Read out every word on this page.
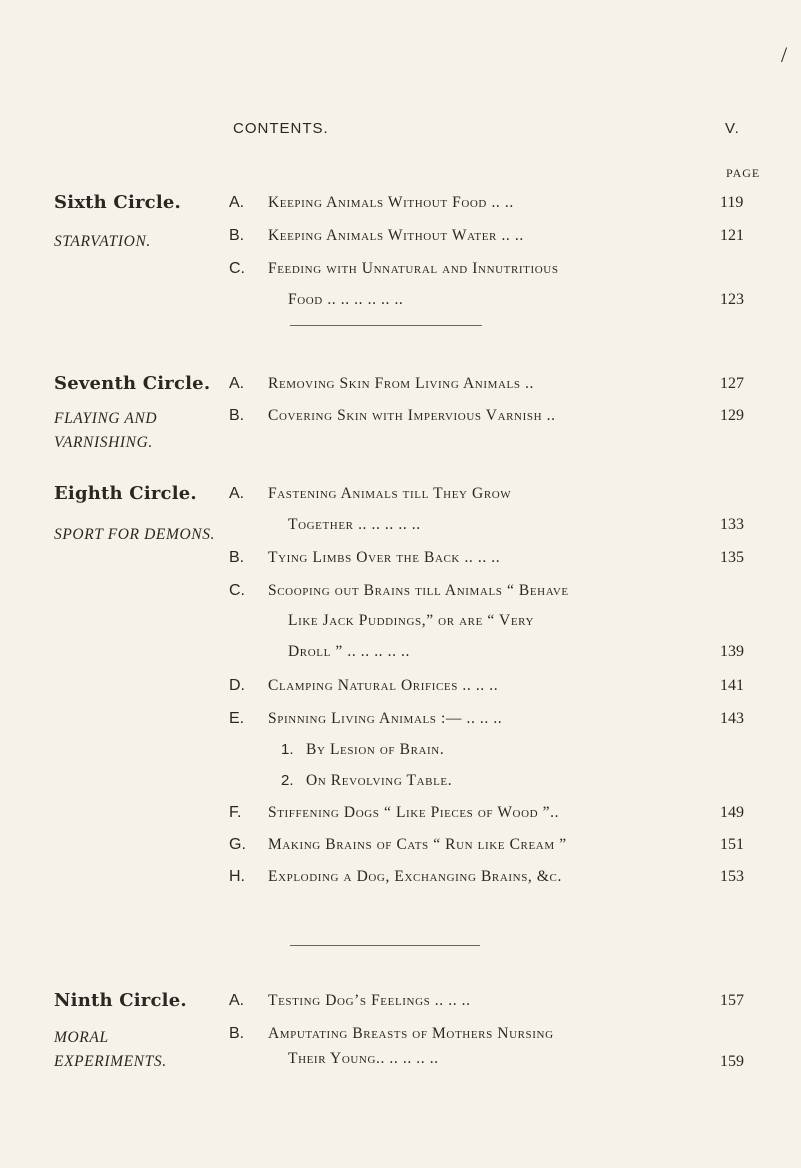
/
CONTENTS.	V.
PAGE
Sixth Circle.
STARVATION.
A. Keeping Animals Without Food .. ..	119
B. Keeping Animals Without Water .. ..	121
C. Feeding with Unnatural and Innutritious
Food .. .. .. .. .. ..	123
Seventh Circle.
FLAYING AND VARNISHING.
A. Removing Skin From Living Animals ..	127
B. Covering Skin with Impervious Varnish ..	129
Eighth Circle.
SPORT FOR DEMONS.
A. Fastening Animals till They Grow
Together .. .. .. .. ..	133
B. Tying Limbs Over the Back .. .. ..	135
C. Scooping out Brains till Animals “ Behave
Like Jack Puddings,” or are “ Very
Droll ” .. .. .. .. ..	139
D. Clamping Natural Orifices .. .. ..	141
E. Spinning Living Animals :— .. .. ..	143
1. By Lesion of Brain.
2. On Revolving Table.
F. Stiffening Dogs “ Like Pieces of Wood ”..	149
G. Making Brains of Cats “ Run like Cream ”	151
H. Exploding a Dog, Exchanging Brains, &c.	153
Ninth Circle.
MORAL EXPERIMENTS.
A. Testing Dog’s Feelings .. .. ..	157
B. Amputating Breasts of Mothers Nursing
Their Young.. .. .. .. ..	159
